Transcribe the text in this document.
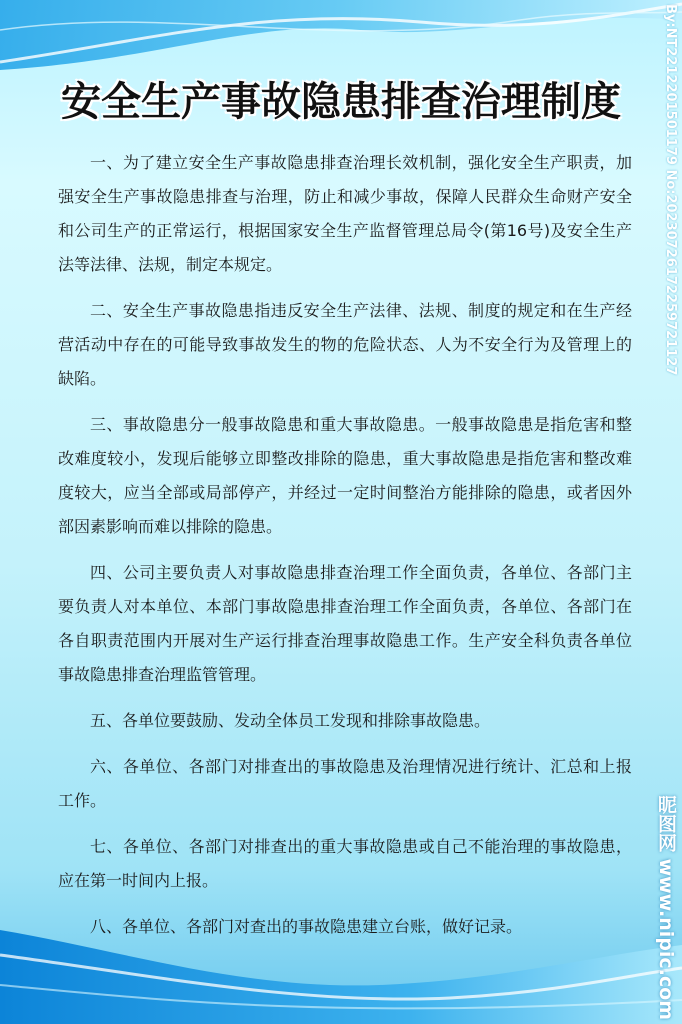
安全生产事故隐患排查治理制度

一、为了建立安全生产事故隐患排查治理长效机制，强化安全生产职责，加强安全生产事故隐患排查与治理，防止和减少事故，保障人民群众生命财产安全和公司生产的正常运行，根据国家安全生产监督管理总局令(第16号)及安全生产法等法律、法规，制定本规定。

二、安全生产事故隐患指违反安全生产法律、法规、制度的规定和在生产经营活动中存在的可能导致事故发生的物的危险状态、人为不安全行为及管理上的缺陷。

三、事故隐患分一般事故隐患和重大事故隐患。一般事故隐患是指危害和整改难度较小，发现后能够立即整改排除的隐患，重大事故隐患是指危害和整改难度较大，应当全部或局部停产，并经过一定时间整治方能排除的隐患，或者因外部因素影响而难以排除的隐患。

四、公司主要负责人对事故隐患排查治理工作全面负责，各单位、各部门主要负责人对本单位、本部门事故隐患排查治理工作全面负责，各单位、各部门在各自职责范围内开展对生产运行排查治理事故隐患工作。生产安全科负责各单位事故隐患排查治理监管管理。

五、各单位要鼓励、发动全体员工发现和排除事故隐患。

六、各单位、各部门对排查出的事故隐患及治理情况进行统计、汇总和上报工作。

七、各单位、各部门对排查出的重大事故隐患或自己不能治理的事故隐患，应在第一时间内上报。

八、各单位、各部门对查出的事故隐患建立台账，做好记录。

By:NT2212201501179 No:20230726172259721127
昵图网 www.nipic.com
